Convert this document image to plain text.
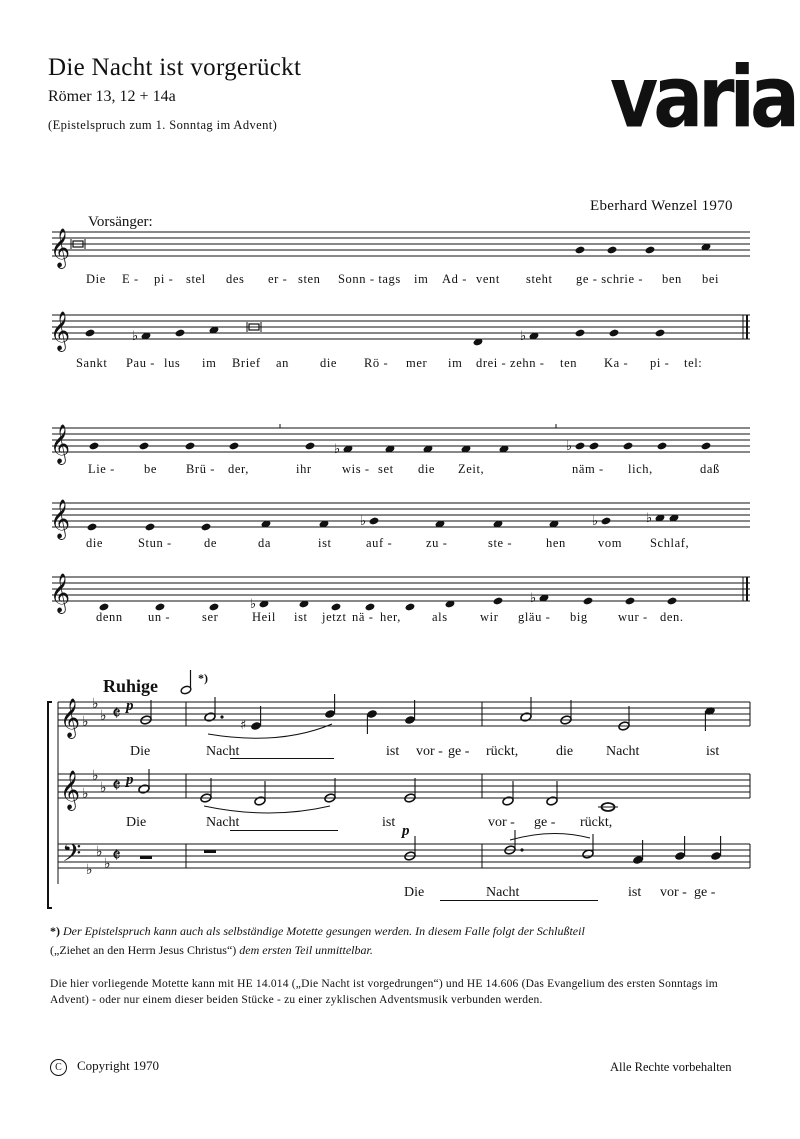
Die Nacht ist vorgerückt
Römer 13, 12 + 14a
(Epistelspruch zum 1. Sonntag im Advent)	varia
Eberhard Wenzel 1970
Vorsänger:
𝄞
𝄞	♭	♭
𝄞	♭	♭
𝄞	♭	♭	♭
𝄞	♭	♭
Die E - pi - stel des er - sten Sonn - tags im Ad - vent steht ge - schrie - ben bei
Sankt Pau - lus im Brief an die Rö - mer im drei - zehn - ten Ka - pi - tel:
Lie - be Brü - der,	ihr wis - set die Zeit,	näm - lich,	daß
die	Stun -	de	da	ist	auf -	zu -	ste -	hen	vom Schlaf,
denn un -	ser	Heil ist jetzt nä - her, als	wir gläu - big wur - den.
Ruhige	*)
𝄞 ♭
♭
♭ 𝄵
𝄞 ♭
♭
♭ 𝄵
𝄢 ♭
♭
♭ 𝄵
♯
p
p
p
Die	Nacht	ist vor - ge - rückt,	die Nacht	ist
Die	Nacht	ist	vor - ge - rückt,
Die	Nacht	ist vor - ge -
*) Der Epistelspruch kann auch als selbständige Motette gesungen werden. In diesem Falle folgt der Schlußteil
(„Ziehet an den Herrn Jesus Christus“) dem ersten Teil unmittelbar.
Die hier vorliegende Motette kann mit HE 14.014 („Die Nacht ist vorgedrungen“) und HE 14.606 (Das Evangelium des ersten Sonntags im Advent) - oder nur einem dieser beiden Stücke - zu einer zyklischen Adventsmusik verbunden werden.
C Copyright 1970	Alle Rechte vorbehalten
